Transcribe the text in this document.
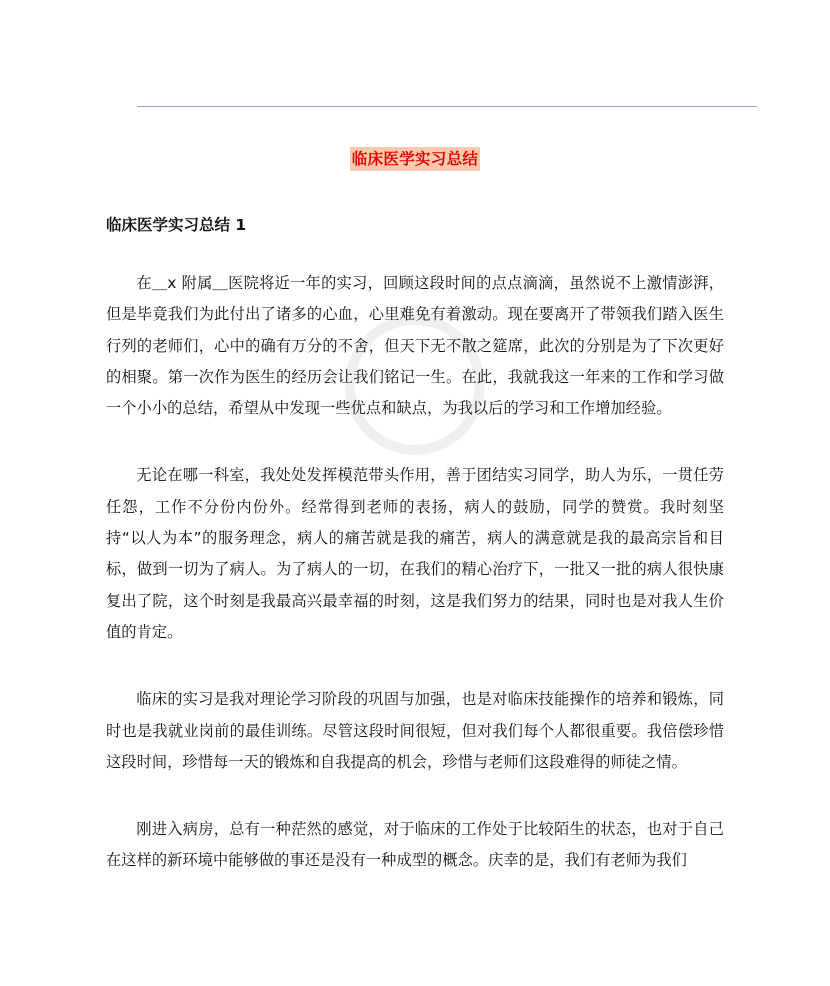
临床医学实习总结
临床医学实习总结 1

在＿x 附属＿医院将近一年的实习，回顾这段时间的点点滴滴，虽然说不上激情澎湃，但是毕竟我们为此付出了诸多的心血，心里难免有着激动。现在要离开了带领我们踏入医生行列的老师们，心中的确有万分的不舍，但天下无不散之筵席，此次的分别是为了下次更好的相聚。第一次作为医生的经历会让我们铭记一生。在此，我就我这一年来的工作和学习做一个小小的总结，希望从中发现一些优点和缺点，为我以后的学习和工作增加经验。

无论在哪一科室，我处处发挥模范带头作用，善于团结实习同学，助人为乐，一贯任劳任怨，工作不分份内份外。经常得到老师的表扬，病人的鼓励，同学的赞赏。我时刻坚持“以人为本”的服务理念，病人的痛苦就是我的痛苦，病人的满意就是我的最高宗旨和目标，做到一切为了病人。为了病人的一切，在我们的精心治疗下，一批又一批的病人很快康复出了院，这个时刻是我最高兴最幸福的时刻，这是我们努力的结果，同时也是对我人生价值的肯定。

临床的实习是我对理论学习阶段的巩固与加强，也是对临床技能操作的培养和锻炼，同时也是我就业岗前的最佳训练。尽管这段时间很短，但对我们每个人都很重要。我倍偿珍惜这段时间，珍惜每一天的锻炼和自我提高的机会，珍惜与老师们这段难得的师徒之情。

刚进入病房，总有一种茫然的感觉，对于临床的工作处于比较陌生的状态，也对于自己在这样的新环境中能够做的事还是没有一种成型的概念。庆幸的是，我们有老师为我们
